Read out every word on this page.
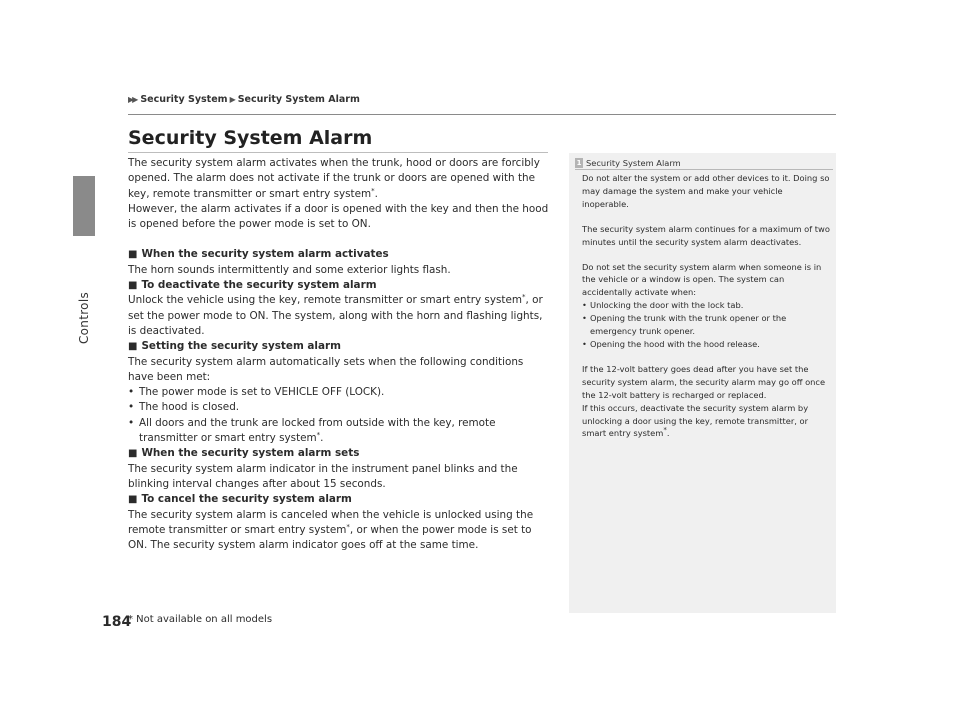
Controls
184
▶▶ Security System ▶ Security System Alarm
Security System Alarm

The security system alarm activates when the trunk, hood or doors are forcibly opened. The alarm does not activate if the trunk or doors are opened with the key, remote transmitter or smart entry system*.

However, the alarm activates if a door is opened with the key and then the hood is opened before the power mode is set to ON.

■ When the security system alarm activates

The horn sounds intermittently and some exterior lights flash.

■ To deactivate the security system alarm

Unlock the vehicle using the key, remote transmitter or smart entry system*, or set the power mode to ON. The system, along with the horn and flashing lights, is deactivated.

■ Setting the security system alarm

The security system alarm automatically sets when the following conditions have been met:

• The power mode is set to VEHICLE OFF (LOCK).
• The hood is closed.
• All doors and the trunk are locked from outside with the key, remote transmitter or smart entry system*.

■ When the security system alarm sets

The security system alarm indicator in the instrument panel blinks and the blinking interval changes after about 15 seconds.

■ To cancel the security system alarm

The security system alarm is canceled when the vehicle is unlocked using the remote transmitter or smart entry system*, or when the power mode is set to ON. The security system alarm indicator goes off at the same time.

1 Security System Alarm

Do not alter the system or add other devices to it. Doing so may damage the system and make your vehicle inoperable.

The security system alarm continues for a maximum of two minutes until the security system alarm deactivates.

Do not set the security system alarm when someone is in the vehicle or a window is open. The system can accidentally activate when:

• Unlocking the door with the lock tab.
• Opening the trunk with the trunk opener or the emergency trunk opener.
• Opening the hood with the hood release.

If the 12-volt battery goes dead after you have set the security system alarm, the security alarm may go off once the 12-volt battery is recharged or replaced.

If this occurs, deactivate the security system alarm by unlocking a door using the key, remote transmitter, or smart entry system*.

* Not available on all models
